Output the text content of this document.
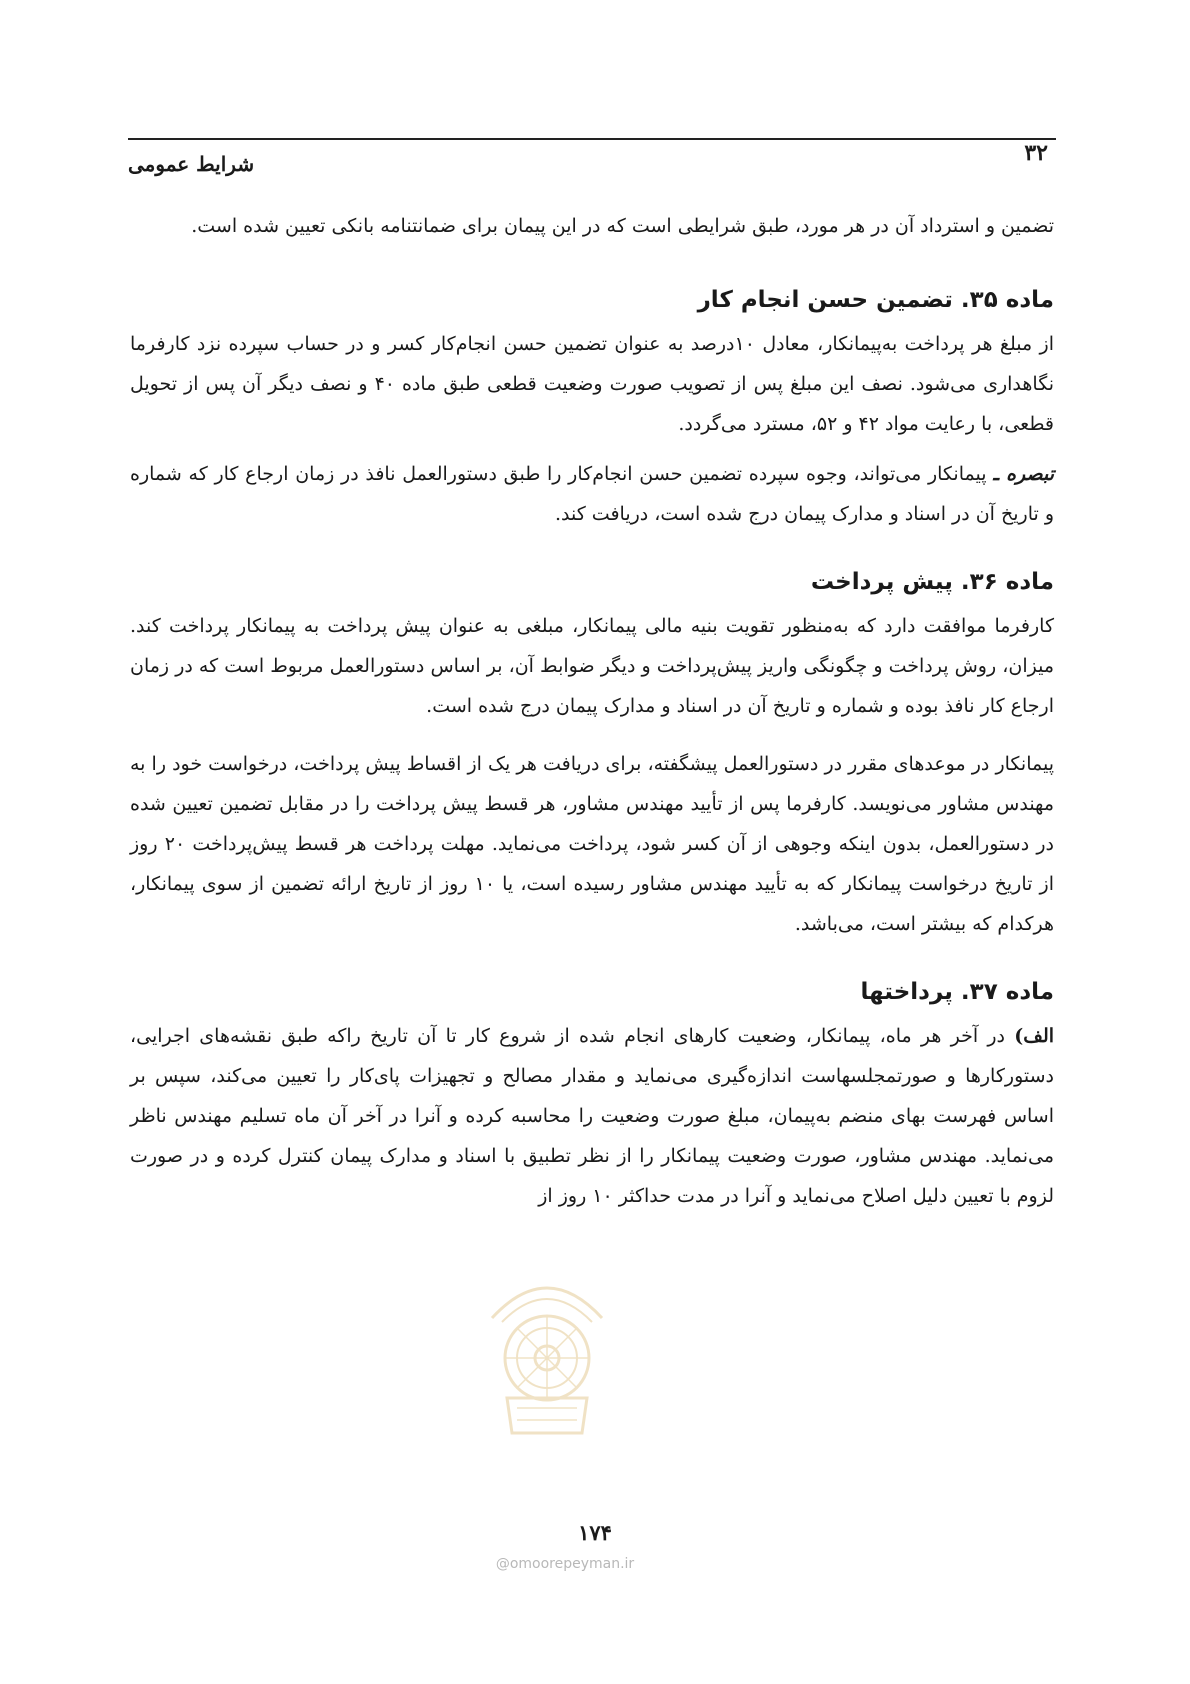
۳۲
شرایط عمومی

تضمین و استرداد آن در هر مورد، طبق شرایطی است که در این پیمان برای ضمانتنامه بانکی تعیین شده است.

ماده ۳۵. تضمین حسن انجام کار

از مبلغ هر پرداخت به‌پیمانکار، معادل ۱۰درصد به عنوان تضمین حسن انجام‌کار کسر و در حساب سپرده نزد کارفرما نگاهداری می‌شود. نصف این مبلغ پس از تصویب صورت وضعیت قطعی طبق ماده ۴۰ و نصف دیگر آن پس از تحویل قطعی، با رعایت مواد ۴۲ و ۵۲، مسترد می‌گردد.

تبصره ـ پیمانکار می‌تواند، وجوه سپرده تضمین حسن انجام‌کار را طبق دستورالعمل نافذ در زمان ارجاع کار که شماره و تاریخ آن در اسناد و مدارک پیمان درج شده است، دریافت کند.

ماده ۳۶. پیش پرداخت

کارفرما موافقت دارد که به‌منظور تقویت بنیه مالی پیمانکار، مبلغی به عنوان پیش پرداخت به پیمانکار پرداخت کند. میزان، روش پرداخت و چگونگی واریز پیش‌پرداخت و دیگر ضوابط آن، بر اساس دستورالعمل مربوط است که در زمان ارجاع کار نافذ بوده و شماره و تاریخ آن در اسناد و مدارک پیمان درج شده است.

پیمانکار در موعدهای مقرر در دستورالعمل پیشگفته، برای دریافت هر یک از اقساط پیش پرداخت، درخواست خود را به مهندس مشاور می‌نویسد. کارفرما پس از تأیید مهندس مشاور، هر قسط پیش پرداخت را در مقابل تضمین تعیین شده در دستورالعمل، بدون اینکه وجوهی از آن کسر شود، پرداخت می‌نماید. مهلت پرداخت هر قسط پیش‌پرداخت ۲۰ روز از تاریخ درخواست پیمانکار که به تأیید مهندس مشاور رسیده است، یا ۱۰ روز از تاریخ ارائه تضمین از سوی پیمانکار، هرکدام که بیشتر است، می‌باشد.

ماده ۳۷. پرداختها

الف) در آخر هر ماه، پیمانکار، وضعیت کارهای انجام شده از شروع کار تا آن تاریخ راکه طبق نقشه‌های اجرایی، دستورکارها و صورتمجلسهاست اندازه‌گیری می‌نماید و مقدار مصالح و تجهیزات پای‌کار را تعیین می‌کند، سپس بر اساس فهرست بهای منضم به‌پیمان، مبلغ صورت وضعیت را محاسبه کرده و آنرا در آخر آن ماه تسلیم مهندس ناظر می‌نماید. مهندس مشاور، صورت وضعیت پیمانکار را از نظر تطبیق با اسناد و مدارک پیمان کنترل کرده و در صورت لزوم با تعیین دلیل اصلاح می‌نماید و آنرا در مدت حداکثر ۱۰ روز از

۱۷۴
@omoorepeyman.ir
